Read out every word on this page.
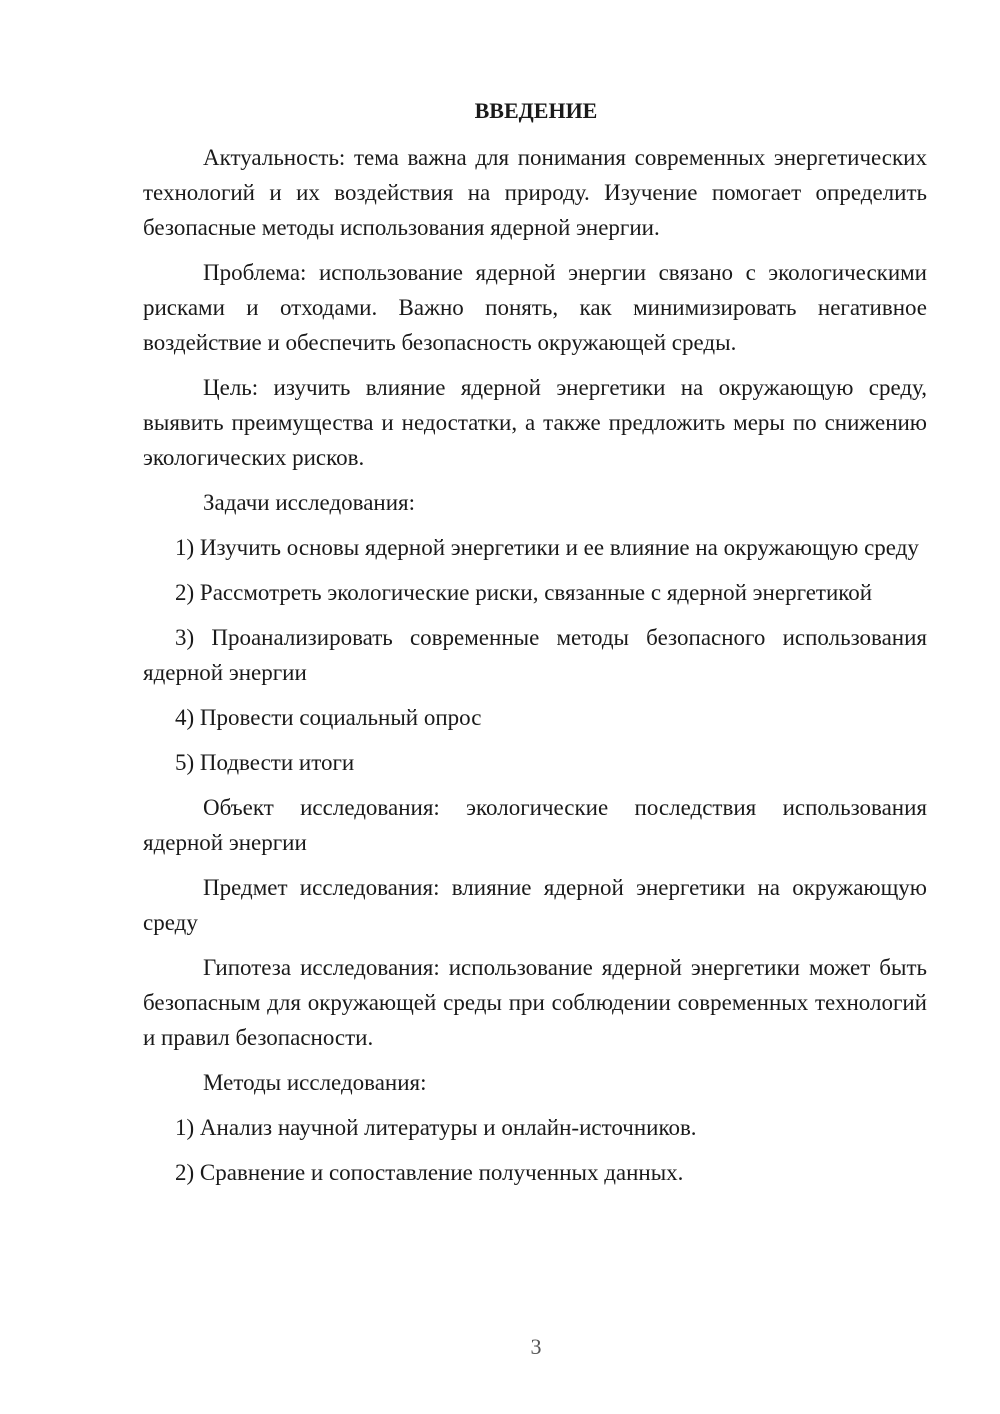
ВВЕДЕНИЕ

Актуальность: тема важна для понимания современных энергетических технологий и их воздействия на природу. Изучение помогает определить безопасные методы использования ядерной энергии.

Проблема: использование ядерной энергии связано с экологическими рисками и отходами. Важно понять, как минимизировать негативное воздействие и обеспечить безопасность окружающей среды.

Цель: изучить влияние ядерной энергетики на окружающую среду, выявить преимущества и недостатки, а также предложить меры по снижению экологических рисков.

Задачи исследования:

1) Изучить основы ядерной энергетики и ее влияние на окружающую среду

2) Рассмотреть экологические риски, связанные с ядерной энергетикой

3) Проанализировать современные методы безопасного использования ядерной энергии

4) Провести социальный опрос

5) Подвести итоги

Объект исследования: экологические последствия использования ядерной энергии

Предмет исследования: влияние ядерной энергетики на окружающую среду

Гипотеза исследования: использование ядерной энергетики может быть безопасным для окружающей среды при соблюдении современных технологий и правил безопасности.

Методы исследования:

1) Анализ научной литературы и онлайн-источников.

2) Сравнение и сопоставление полученных данных.

3
